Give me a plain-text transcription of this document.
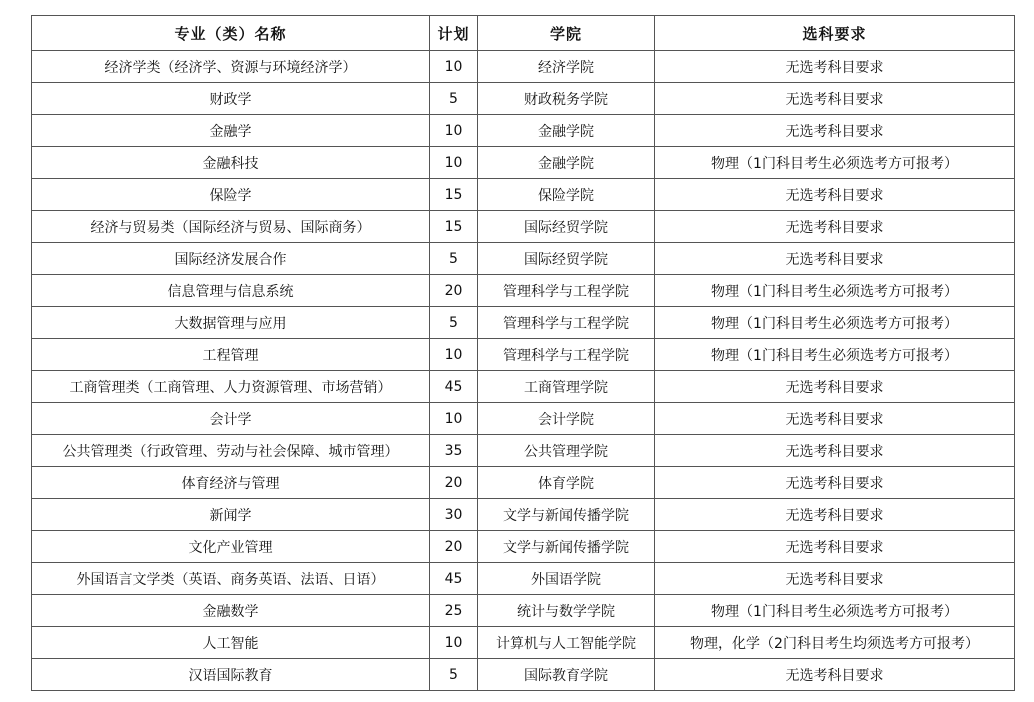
专业（类）名称	计划	学院	选科要求
经济学类（经济学、资源与环境经济学）	10	经济学院	无选考科目要求
财政学	5	财政税务学院	无选考科目要求
金融学	10	金融学院	无选考科目要求
金融科技	10	金融学院	物理（1门科目考生必须选考方可报考）
保险学	15	保险学院	无选考科目要求
经济与贸易类（国际经济与贸易、国际商务）	15	国际经贸学院	无选考科目要求
国际经济发展合作	5	国际经贸学院	无选考科目要求
信息管理与信息系统	20	管理科学与工程学院	物理（1门科目考生必须选考方可报考）
大数据管理与应用	5	管理科学与工程学院	物理（1门科目考生必须选考方可报考）
工程管理	10	管理科学与工程学院	物理（1门科目考生必须选考方可报考）
工商管理类（工商管理、人力资源管理、市场营销）	45	工商管理学院	无选考科目要求
会计学	10	会计学院	无选考科目要求
公共管理类（行政管理、劳动与社会保障、城市管理）	35	公共管理学院	无选考科目要求
体育经济与管理	20	体育学院	无选考科目要求
新闻学	30	文学与新闻传播学院	无选考科目要求
文化产业管理	20	文学与新闻传播学院	无选考科目要求
外国语言文学类（英语、商务英语、法语、日语）	45	外国语学院	无选考科目要求
金融数学	25	统计与数学学院	物理（1门科目考生必须选考方可报考）
人工智能	10	计算机与人工智能学院	物理，化学（2门科目考生均须选考方可报考）
汉语国际教育	5	国际教育学院	无选考科目要求
